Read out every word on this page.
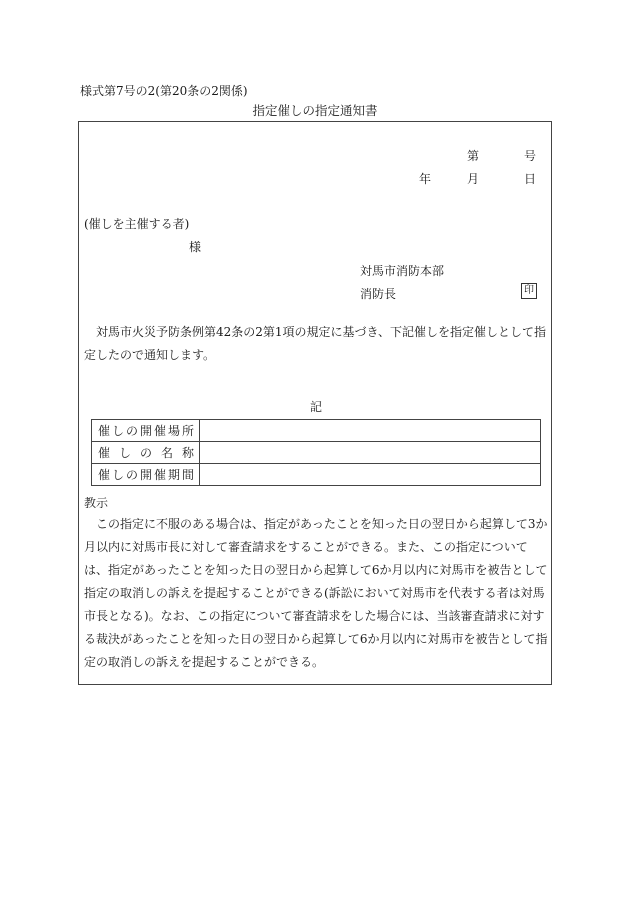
様式第7号の2(第20条の2関係)
指定催しの指定通知書
第	号
年	月	日
(催しを主催する者)
様
対馬市消防本部
消防長	印
対馬市火災予防条例第42条の2第1項の規定に基づき、下記催しを指定催しとして指定したので通知します。
記
催しの開催場所	
催しの名称	
催しの開催期間	
教示
この指定に不服のある場合は、指定があったことを知った日の翌日から起算して3か月以内に対馬市長に対して審査請求をすることができる。また、この指定については、指定があったことを知った日の翌日から起算して6か月以内に対馬市を被告として指定の取消しの訴えを提起することができる(訴訟において対馬市を代表する者は対馬市長となる)。なお、この指定について審査請求をした場合には、当該審査請求に対する裁決があったことを知った日の翌日から起算して6か月以内に対馬市を被告として指定の取消しの訴えを提起することができる。
